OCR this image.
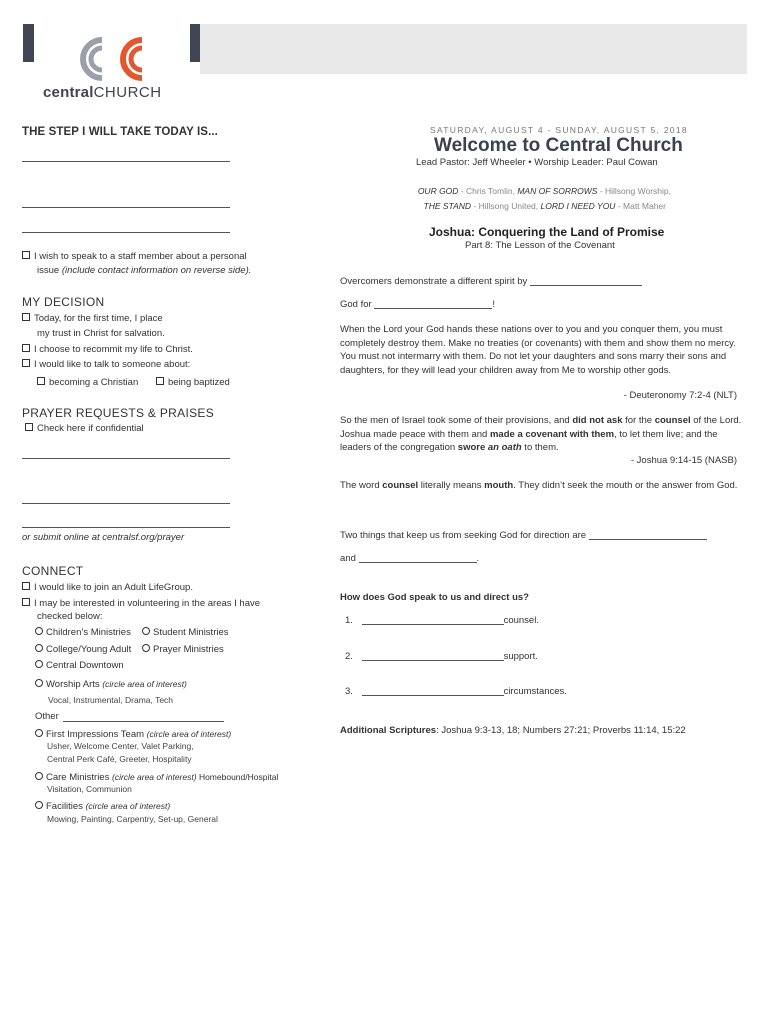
centralCHURCH
THE STEP I WILL TAKE TODAY IS...
I wish to speak to a staff member about a personal
issue (include contact information on reverse side).
MY DECISION
Today, for the first time, I place
my trust in Christ for salvation.
I choose to recommit my life to Christ.
I would like to talk to someone about:
becoming a Christian	being baptized
PRAYER REQUESTS & PRAISES
Check here if confidential
or submit online at centralsf.org/prayer
CONNECT
I would like to join an Adult LifeGroup.
I may be interested in volunteering in the areas I have
checked below:
Children’s Ministries	Student Ministries
College/Young Adult	Prayer Ministries
Central Downtown
Worship Arts (circle area of interest)
Vocal, Instrumental, Drama, Tech
Other
First Impressions Team (circle area of interest)
Usher, Welcome Center, Valet Parking,
Central Perk Café, Greeter, Hospitality
Care Ministries (circle area of interest) Homebound/Hospital
Visitation, Communion
Facilities (circle area of interest)
Mowing, Painting, Carpentry, Set-up, General
SATURDAY, AUGUST 4 - SUNDAY, AUGUST 5, 2018
Welcome to Central Church
Lead Pastor: Jeff Wheeler • Worship Leader: Paul Cowan
OUR GOD - Chris Tomlin, MAN OF SORROWS - Hillsong Worship,
THE STAND - Hillsong United, LORD I NEED YOU - Matt Maher
Joshua: Conquering the Land of Promise
Part 8: The Lesson of the Covenant
Overcomers demonstrate a different spirit by
God for	!
When the Lord your God hands these nations over to you and you conquer them, you must completely destroy them. Make no treaties (or covenants) with them and show them no mercy. You must not intermarry with them. Do not let your daughters and sons marry their sons and daughters, for they will lead your children away from Me to worship other gods.
- Deuteronomy 7:2-4 (NLT)
So the men of Israel took some of their provisions, and did not ask for the counsel of the Lord. Joshua made peace with them and made a covenant with them, to let them live; and the leaders of the congregation swore an oath to them.
- Joshua 9:14-15 (NASB)
The word counsel literally means mouth. They didn’t seek the mouth or the answer from God.
Two things that keep us from seeking God for direction are
and	.
How does God speak to us and direct us?
1.	counsel.
2.	support.
3.	circumstances.
Additional Scriptures: Joshua 9:3-13, 18; Numbers 27:21; Proverbs 11:14, 15:22
